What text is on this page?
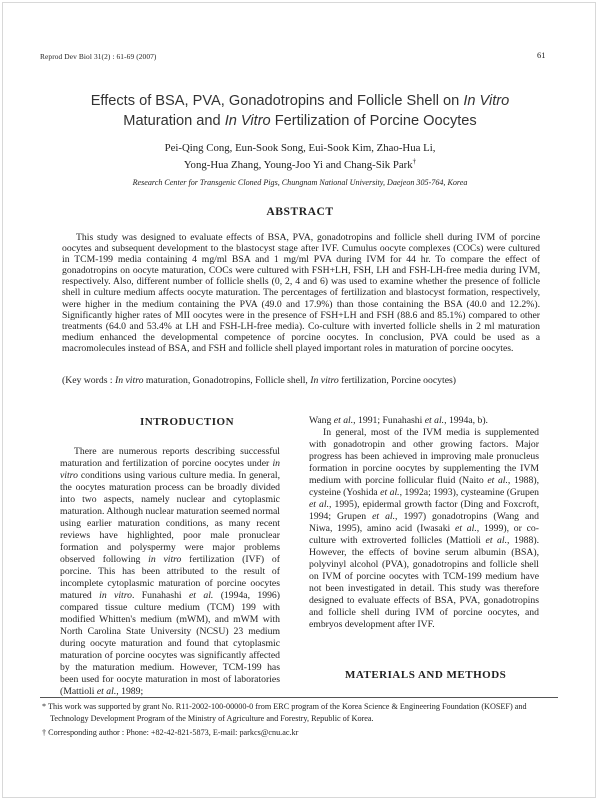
Reprod Dev Biol 31(2) : 61-69 (2007)	61
Effects of BSA, PVA, Gonadotropins and Follicle Shell on In Vitro
Maturation and In Vitro Fertilization of Porcine Oocytes
Pei-Qing Cong, Eun-Sook Song, Eui-Sook Kim, Zhao-Hua Li,
Yong-Hua Zhang, Young-Joo Yi and Chang-Sik Park†
Research Center for Transgenic Cloned Pigs, Chungnam National University, Daejeon 305-764, Korea
ABSTRACT

This study was designed to evaluate effects of BSA, PVA, gonadotropins and follicle shell during IVM of porcine oocytes and subsequent development to the blastocyst stage after IVF. Cumulus oocyte complexes (COCs) were cultured in TCM-199 media containing 4 mg/ml BSA and 1 mg/ml PVA during IVM for 44 hr. To compare the effect of gonadotropins on oocyte maturation, COCs were cultured with FSH+LH, FSH, LH and FSH-LH-free media during IVM, respectively. Also, different number of follicle shells (0, 2, 4 and 6) was used to examine whether the presence of follicle shell in culture medium affects oocyte maturation. The percentages of fertilization and blastocyst formation, respectively, were higher in the medium containing the PVA (49.0 and 17.9%) than those containing the BSA (40.0 and 12.2%). Significantly higher rates of MII oocytes were in the presence of FSH+LH and FSH (88.6 and 85.1%) compared to other treatments (64.0 and 53.4% at LH and FSH-LH-free media). Co-culture with inverted follicle shells in 2 ml maturation medium enhanced the developmental competence of porcine oocytes. In conclusion, PVA could be used as a macromolecules instead of BSA, and FSH and follicle shell played important roles in maturation of porcine oocytes.

(Key words : In vitro maturation, Gonadotropins, Follicle shell, In vitro fertilization, Porcine oocytes)

INTRODUCTION

There are numerous reports describing successful maturation and fertilization of porcine oocytes under in vitro conditions using various culture media. In general, the oocytes maturation process can be broadly divided into two aspects, namely nuclear and cytoplasmic maturation. Although nuclear maturation seemed normal using earlier maturation conditions, as many recent reviews have highlighted, poor male pronuclear formation and polyspermy were major problems observed following in vitro fertilization (IVF) of porcine. This has been attributed to the result of incomplete cytoplasmic maturation of porcine oocytes matured in vitro. Funahashi et al. (1994a, 1996) compared tissue culture medium (TCM) 199 with modified Whitten's medium (mWM), and mWM with North Carolina State University (NCSU) 23 medium during oocyte maturation and found that cytoplasmic maturation of porcine oocytes was significantly affected by the maturation medium. However, TCM-199 has been used for oocyte maturation in most of laboratories (Mattioli et al., 1989;

Wang et al., 1991; Funahashi et al., 1994a, b).

In general, most of the IVM media is supplemented with gonadotropin and other growing factors. Major progress has been achieved in improving male pronucleus formation in porcine oocytes by supplementing the IVM medium with porcine follicular fluid (Naito et al., 1988), cysteine (Yoshida et al., 1992a; 1993), cysteamine (Grupen et al., 1995), epidermal growth factor (Ding and Foxcroft, 1994; Grupen et al., 1997) gonadotropins (Wang and Niwa, 1995), amino acid (Iwasaki et al., 1999), or co-culture with extroverted follicles (Mattioli et al., 1988). However, the effects of bovine serum albumin (BSA), polyvinyl alcohol (PVA), gonadotropins and follicle shell on IVM of porcine oocytes with TCM-199 medium have not been investigated in detail. This study was therefore designed to evaluate effects of BSA, PVA, gonadotropins and follicle shell during IVM of porcine oocytes, and embryos development after IVF.

MATERIALS AND METHODS

* This work was supported by grant No. R11-2002-100-00000-0 from ERC program of the Korea Science & Engineering Foundation (KOSEF) and Technology Development Program of the Ministry of Agriculture and Forestry, Republic of Korea.

† Corresponding author : Phone: +82-42-821-5873, E-mail: parkcs@cnu.ac.kr
